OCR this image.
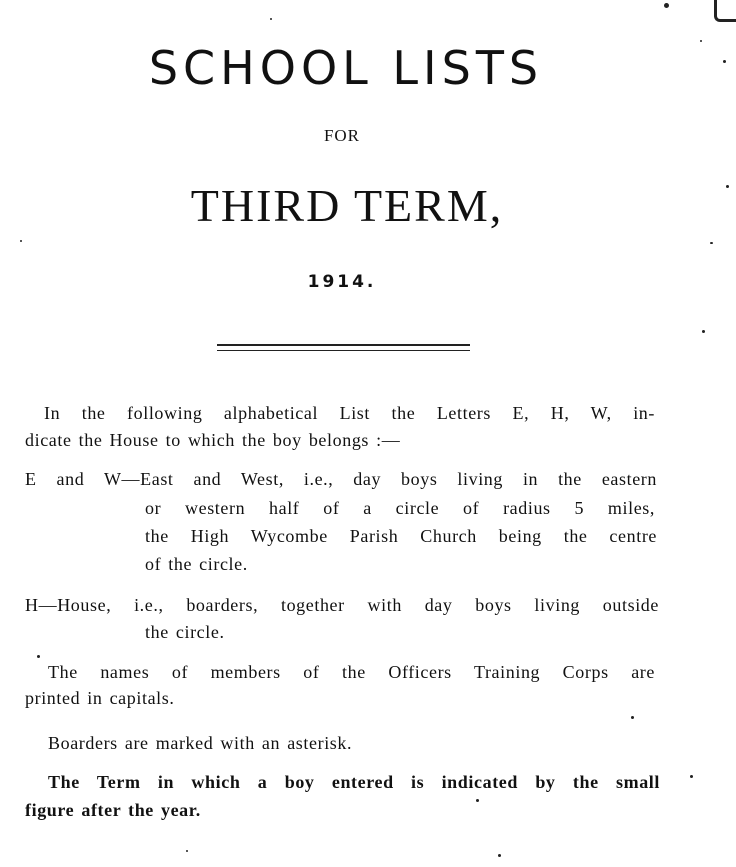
SCHOOL LISTS
FOR
THIRD TERM,
1914.
In the following alphabetical List the Letters E, H, W, in-
dicate the House to which the boy belongs :—
E and W—East and West, i.e., day boys living in the eastern
or western half of a circle of radius 5 miles,
the High Wycombe Parish Church being the centre
of the circle.
H—House, i.e., boarders, together with day boys living outside
the circle.
The names of members of the Officers Training Corps are
printed in capitals.
Boarders are marked with an asterisk.
The Term in which a boy entered is indicated by the small
figure after the year.
